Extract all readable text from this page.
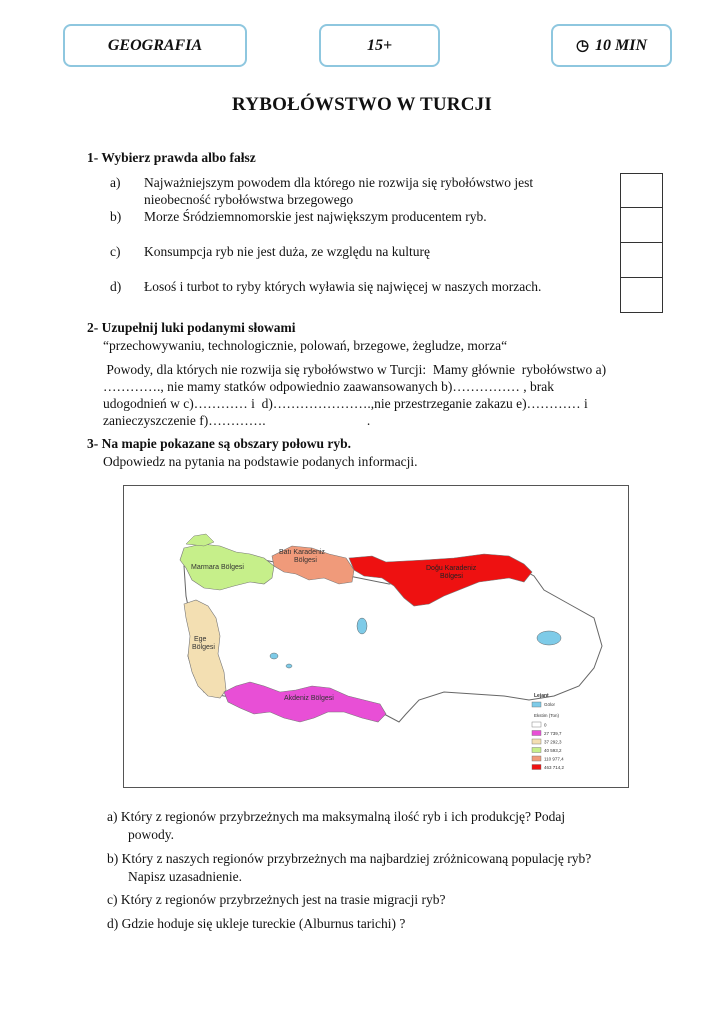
GEOGRAFIA	15+	◷ 10 MIN
RYBOŁÓWSTWO W TURCJI
1- Wybierz prawda albo fałsz
a)	Najważniejszym powodem dla którego nie rozwija się rybołówstwo jest
nieobecność rybołówstwa brzegowego
b)	Morze Śródziemnomorskie jest największym producentem ryb.
c)	Konsumpcja ryb nie jest duża, ze względu na kulturę
d)	Łosoś i turbot to ryby których wyławia się najwięcej w naszych morzach.
2- Uzupełnij luki podanymi słowami
“przechowywaniu, technologicznie, polowań, brzegowe, żegludze, morza“
Powody, dla których nie rozwija się rybołówstwo w Turcji:  Mamy głównie  rybołówstwo a)
…………., nie mamy statków odpowiednio zaawansowanych b)…………… , brak
udogodnień w c)………… i  d)………………….,nie przestrzeganie zakazu e)………… i
zanieczyszczenie f)………….                              .
3- Na mapie pokazane są obszary połowu ryb.
Odpowiedz na pytania na podstawie podanych informacji.
Batı Karadeniz
Bölgesi
Doğu Karadeniz
Bölgesi
Marmara Bölgesi
Ege
Bölgesi
Akdeniz Bölgesi	Lejant
Gölor
Ekstim (Ton)
0
27 739,7
37 292,3
40 593,2
110 977,4
463 714,2
a) Który z regionów przybrzeżnych ma maksymalną ilość ryb i ich produkcję? Podaj
powody.
b) Który z naszych regionów przybrzeżnych ma najbardziej zróżnicowaną populację ryb?
Napisz uzasadnienie.
c) Który z regionów przybrzeżnych jest na trasie migracji ryb?
d) Gdzie hoduje się ukleje tureckie (Alburnus tarichi) ?
